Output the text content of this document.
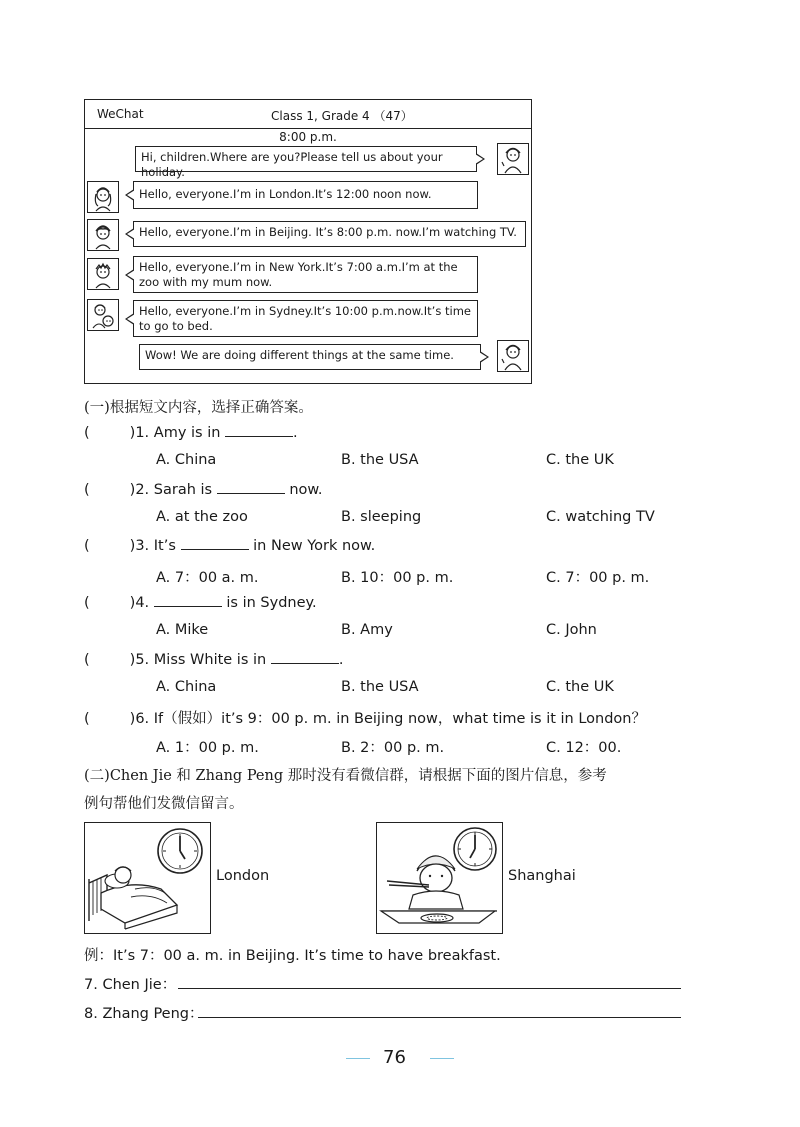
WeChat	Class 1, Grade 4 （47）
8:00 p.m.
Hi, children.Where are you?Please tell us about your holiday.
Hello, everyone.I’m in London.It’s 12:00 noon now.
Hello, everyone.I’m in Beijing. It’s 8:00 p.m. now.I’m watching TV.
Hello, everyone.I’m in New York.It’s 7:00 a.m.I’m at the zoo with my mum now.
Hello, everyone.I’m in Sydney.It’s 10:00 p.m.now.It’s time to go to bed.
Wow! We are doing different things at the same time.
(一)根据短文内容，选择正确答案。
(	)1. Amy is in	.
A. China	B. the USA	C. the UK
(	)2. Sarah is	now.
A. at the zoo	B. sleeping	C. watching TV
(	)3. It’s	in New York now.
A. 7：00 a. m.	B. 10：00 p. m.	C. 7：00 p. m.
(	)4.	is in Sydney.
A. Mike	B. Amy	C. John
(	)5. Miss White is in	.
A. China	B. the USA	C. the UK
(	)6. If（假如）it’s 9：00 p. m. in Beijing now，what time is it in London？
A. 1：00 p. m.	B. 2：00 p. m.	C. 12：00.
(二)Chen Jie 和 Zhang Peng 那时没有看微信群，请根据下面的图片信息，参考
例句帮他们发微信留言。
London	Shanghai
例：It’s 7：00 a. m. in Beijing. It’s time to have breakfast.
7. Chen Jie：
8. Zhang Peng：
76
